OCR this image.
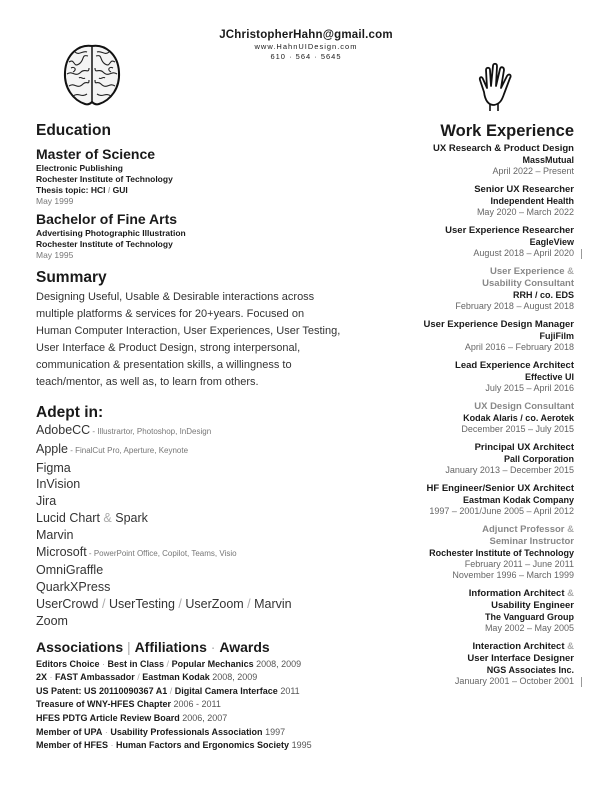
JChristopherHahn@gmail.com
www.HahnUIDesign.com
610 · 564 · 5645
Education
Master of Science
Electronic Publishing
Rochester Institute of Technology
Thesis topic: HCI / GUI
May 1999
Bachelor of Fine Arts
Advertising Photographic Illustration
Rochester Institute of Technology
May 1995
Summary
Designing Useful, Usable & Desirable interactions across
multiple platforms & services for 20+years. Focused on
Human Computer Interaction, User Experiences, User Testing,
User Interface & Product Design, strong interpersonal,
communication & presentation skills, a willingness to
teach/mentor, as well as, to learn from others.
Adept in:
AdobeCC - Illustrartor, Photoshop, InDesign
Apple - FinalCut Pro, Aperture, Keynote
Figma
InVision
Jira
Lucid Chart & Spark
Marvin
Microsoft - PowerPoint Office, Copilot, Teams, Visio
OmniGraffle
QuarkXPress
UserCrowd / UserTesting / UserZoom / Marvin
Zoom
Associations | Affiliations · Awards
Editors Choice · Best in Class / Popular Mechanics 2008, 2009
2X · FAST Ambassador / Eastman Kodak 2008, 2009
US Patent: US 20110090367 A1 / Digital Camera Interface 2011
Treasure of WNY-HFES Chapter 2006 - 2011
HFES PDTG Article Review Board 2006, 2007
Member of UPA · Usability Professionals Association 1997
Member of HFES · Human Factors and Ergonomics Society 1995
Work Experience
UX Research & Product Design
MassMutual
April 2022 – Present
Senior UX Researcher
Independent Health
May 2020 – March 2022
User Experience Researcher
EagleView
August 2018 – April 2020
User Experience &
Usability Consultant
RRH / co. EDS
February 2018 – August 2018
User Experience Design Manager
FujiFilm
April 2016 – February 2018
Lead Experience Architect
Effective UI
July 2015 – April 2016
UX Design Consultant
Kodak Alaris / co. Aerotek
December 2015 – July 2015
Principal UX Architect
Pall Corporation
January 2013 – December 2015
HF Engineer/Senior UX Architect
Eastman Kodak Company
1997 – 2001/June 2005 – April 2012
Adjunct Professor &
Seminar Instructor
Rochester Institute of Technology
February 2011 – June 2011
November 1996 – March 1999
Information Architect &
Usability Engineer
The Vanguard Group
May 2002 – May 2005
Interaction Architect &
User Interface Designer
NGS Associates Inc.
January 2001 – October 2001
